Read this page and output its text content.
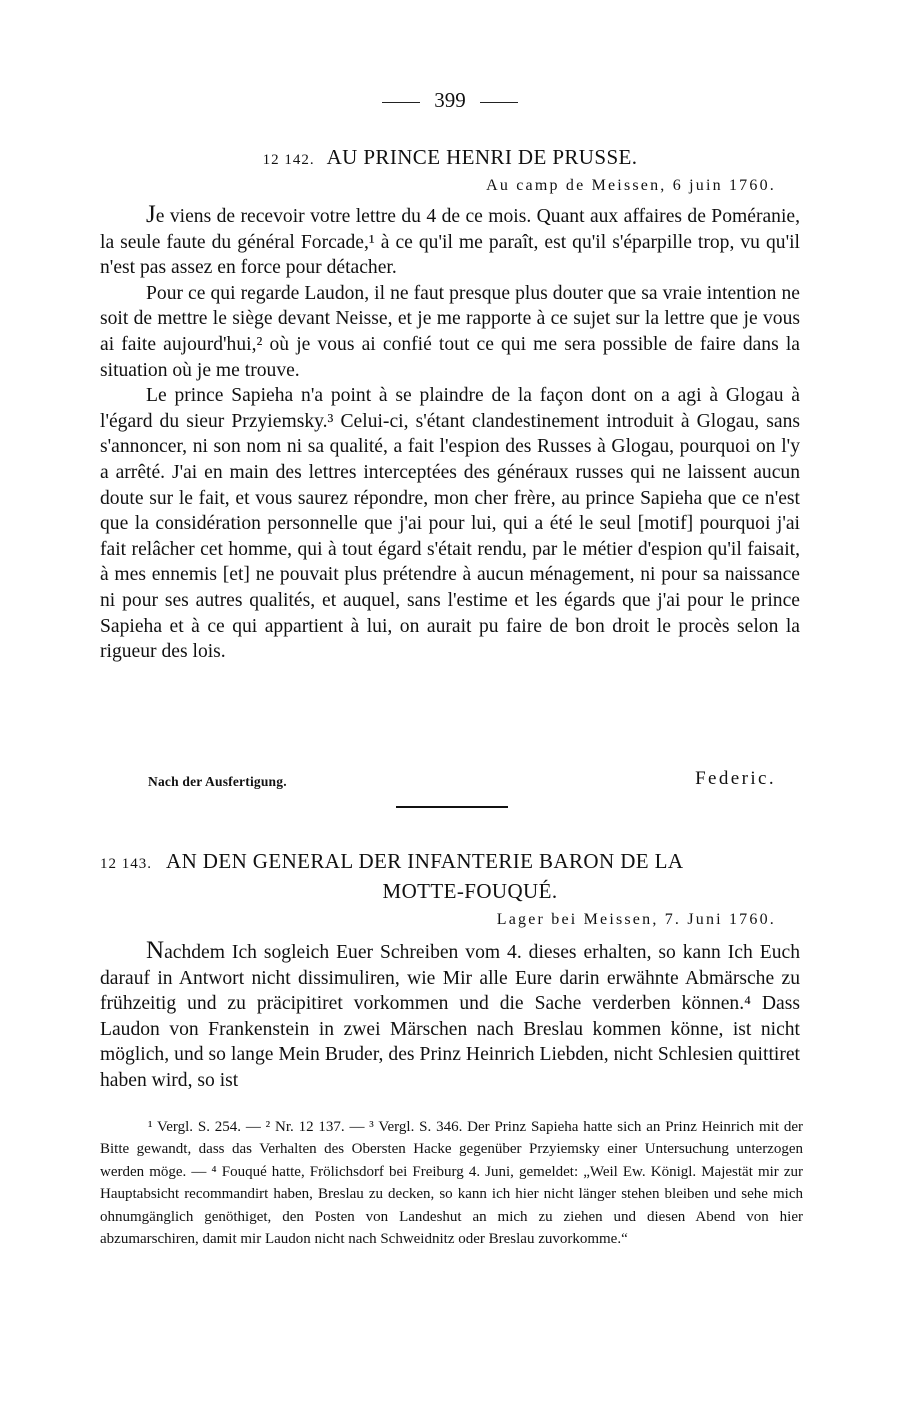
399
12 142. AU PRINCE HENRI DE PRUSSE.
Au camp de Meissen, 6 juin 1760.

Je viens de recevoir votre lettre du 4 de ce mois. Quant aux affaires de Poméranie, la seule faute du général Forcade,¹ à ce qu'il me paraît, est qu'il s'éparpille trop, vu qu'il n'est pas assez en force pour détacher.

Pour ce qui regarde Laudon, il ne faut presque plus douter que sa vraie intention ne soit de mettre le siège devant Neisse, et je me rapporte à ce sujet sur la lettre que je vous ai faite aujourd'hui,² où je vous ai confié tout ce qui me sera possible de faire dans la situation où je me trouve.

Le prince Sapieha n'a point à se plaindre de la façon dont on a agi à Glogau à l'égard du sieur Przyiemsky.³ Celui-ci, s'étant clandestinement introduit à Glogau, sans s'annoncer, ni son nom ni sa qualité, a fait l'espion des Russes à Glogau, pourquoi on l'y a arrêté. J'ai en main des lettres interceptées des généraux russes qui ne laissent aucun doute sur le fait, et vous saurez répondre, mon cher frère, au prince Sapieha que ce n'est que la considération personnelle que j'ai pour lui, qui a été le seul [motif] pourquoi j'ai fait relâcher cet homme, qui à tout égard s'était rendu, par le métier d'espion qu'il faisait, à mes ennemis [et] ne pouvait plus prétendre à aucun ménagement, ni pour sa naissance ni pour ses autres qualités, et auquel, sans l'estime et les égards que j'ai pour le prince Sapieha et à ce qui appartient à lui, on aurait pu faire de bon droit le procès selon la rigueur des lois.

Nach der Ausfertigung.	Federic.
12 143. AN DEN GENERAL DER INFANTERIE BARON DE LA
MOTTE-FOUQUÉ.
Lager bei Meissen, 7. Juni 1760.

Nachdem Ich sogleich Euer Schreiben vom 4. dieses erhalten, so kann Ich Euch darauf in Antwort nicht dissimuliren, wie Mir alle Eure darin erwähnte Abmärsche zu frühzeitig und zu präcipitiret vorkommen und die Sache verderben können.⁴ Dass Laudon von Frankenstein in zwei Märschen nach Breslau kommen könne, ist nicht möglich, und so lange Mein Bruder, des Prinz Heinrich Liebden, nicht Schlesien quittiret haben wird, so ist

¹ Vergl. S. 254. — ² Nr. 12 137. — ³ Vergl. S. 346. Der Prinz Sapieha hatte sich an Prinz Heinrich mit der Bitte gewandt, dass das Verhalten des Obersten Hacke gegenüber Przyiemsky einer Untersuchung unterzogen werden möge. — ⁴ Fouqué hatte, Frölichsdorf bei Freiburg 4. Juni, gemeldet: „Weil Ew. Königl. Majestät mir zur Hauptabsicht recommandirt haben, Breslau zu decken, so kann ich hier nicht länger stehen bleiben und sehe mich ohnumgänglich genöthiget, den Posten von Landeshut an mich zu ziehen und diesen Abend von hier abzumarschiren, damit mir Laudon nicht nach Schweidnitz oder Breslau zuvorkomme.“
